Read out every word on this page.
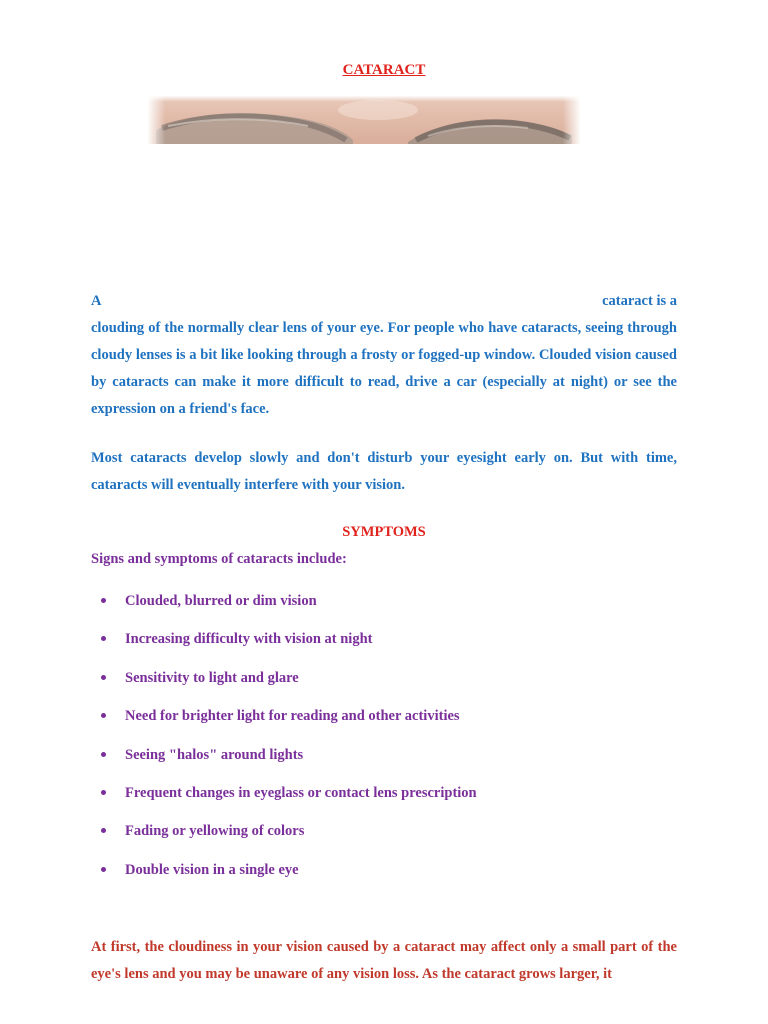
CATARACT
A	cataract is a

clouding of the normally clear lens of your eye. For people who have cataracts, seeing through cloudy lenses is a bit like looking through a frosty or fogged-up window. Clouded vision caused by cataracts can make it more difficult to read, drive a car (especially at night) or see the expression on a friend's face.

Most cataracts develop slowly and don't disturb your eyesight early on. But with time, cataracts will eventually interfere with your vision.

SYMPTOMS
Signs and symptoms of cataracts include:
Clouded, blurred or dim vision
Increasing difficulty with vision at night
Sensitivity to light and glare
Need for brighter light for reading and other activities
Seeing "halos" around lights
Frequent changes in eyeglass or contact lens prescription
Fading or yellowing of colors
Double vision in a single eye

At first, the cloudiness in your vision caused by a cataract may affect only a small part of the eye's lens and you may be unaware of any vision loss. As the cataract grows larger, it
